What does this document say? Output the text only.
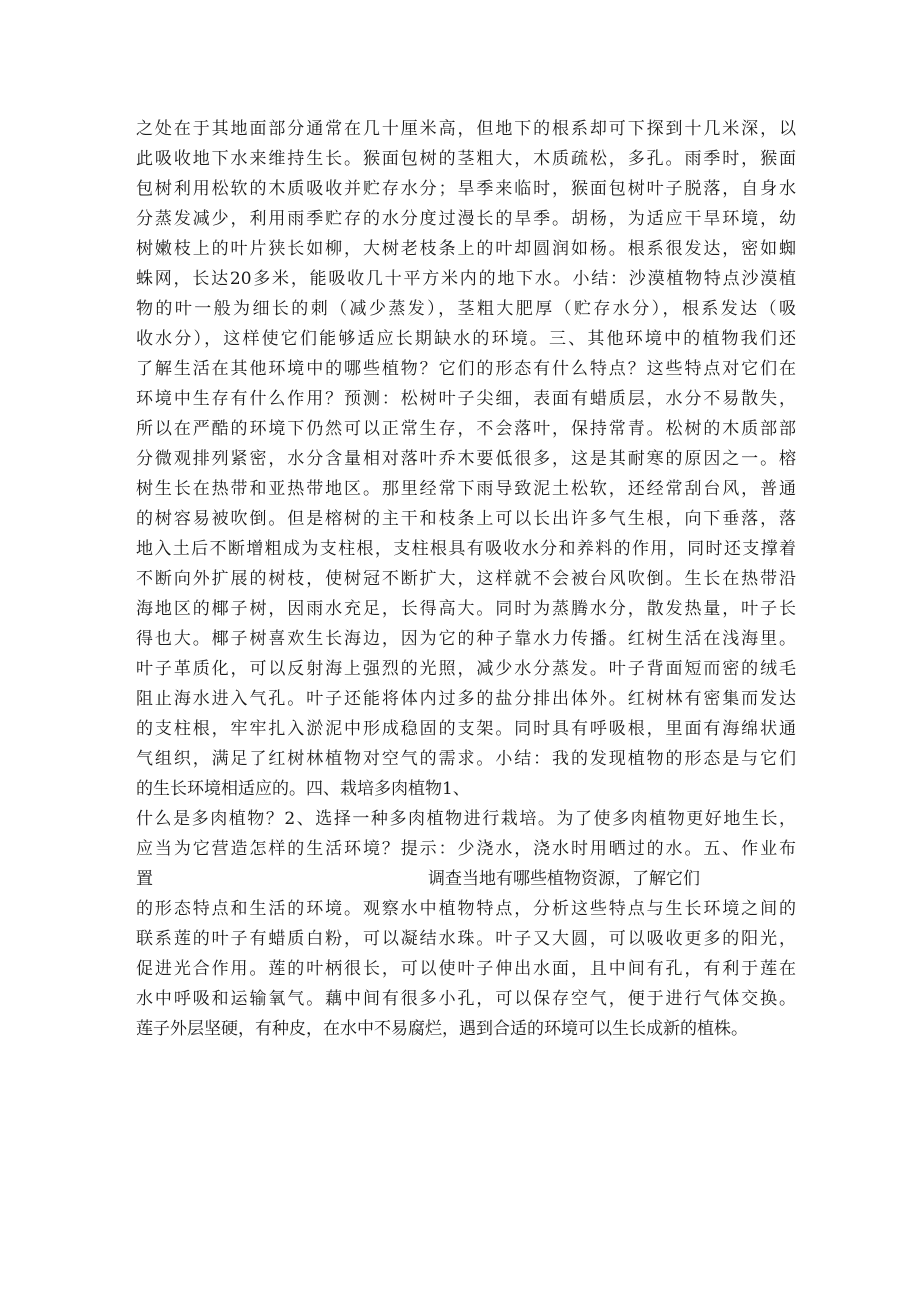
之处在于其地面部分通常在几十厘米高，但地下的根系却可下探到十几米深，以
此吸收地下水来维持生长。猴面包树的茎粗大，木质疏松，多孔。雨季时，猴面
包树利用松软的木质吸收并贮存水分；旱季来临时，猴面包树叶子脱落，自身水
分蒸发减少，利用雨季贮存的水分度过漫长的旱季。胡杨，为适应干旱环境，幼
树嫩枝上的叶片狭长如柳，大树老枝条上的叶却圆润如杨。根系很发达，密如蜘
蛛网，长达20多米，能吸收几十平方米内的地下水。小结：沙漠植物特点沙漠植
物的叶一般为细长的刺（减少蒸发），茎粗大肥厚（贮存水分），根系发达（吸
收水分），这样使它们能够适应长期缺水的环境。三、其他环境中的植物我们还
了解生活在其他环境中的哪些植物？它们的形态有什么特点？这些特点对它们在
环境中生存有什么作用？预测：松树叶子尖细，表面有蜡质层，水分不易散失，
所以在严酷的环境下仍然可以正常生存，不会落叶，保持常青。松树的木质部部
分微观排列紧密，水分含量相对落叶乔木要低很多，这是其耐寒的原因之一。榕
树生长在热带和亚热带地区。那里经常下雨导致泥土松软，还经常刮台风，普通
的树容易被吹倒。但是榕树的主干和枝条上可以长出许多气生根，向下垂落，落
地入土后不断增粗成为支柱根，支柱根具有吸收水分和养料的作用，同时还支撑着
不断向外扩展的树枝，使树冠不断扩大，这样就不会被台风吹倒。生长在热带沿
海地区的椰子树，因雨水充足，长得高大。同时为蒸腾水分，散发热量，叶子长
得也大。椰子树喜欢生长海边，因为它的种子靠水力传播。红树生活在浅海里。
叶子革质化，可以反射海上强烈的光照，减少水分蒸发。叶子背面短而密的绒毛
阻止海水进入气孔。叶子还能将体内过多的盐分排出体外。红树林有密集而发达
的支柱根，牢牢扎入淤泥中形成稳固的支架。同时具有呼吸根，里面有海绵状通
气组织，满足了红树林植物对空气的需求。小结：我的发现植物的形态是与它们
的生长环境相适应的。四、栽培多肉植物1、
什么是多肉植物？2、选择一种多肉植物进行栽培。为了使多肉植物更好地生长，
应当为它营造怎样的生活环境？提示：少浇水，浇水时用晒过的水。五、作业布
置	调查当地有哪些植物资源，了解它们
的形态特点和生活的环境。观察水中植物特点，分析这些特点与生长环境之间的
联系莲的叶子有蜡质白粉，可以凝结水珠。叶子又大圆，可以吸收更多的阳光，
促进光合作用。莲的叶柄很长，可以使叶子伸出水面，且中间有孔，有利于莲在
水中呼吸和运输氧气。藕中间有很多小孔，可以保存空气，便于进行气体交换。
莲子外层坚硬，有种皮，在水中不易腐烂，遇到合适的环境可以生长成新的植株。
